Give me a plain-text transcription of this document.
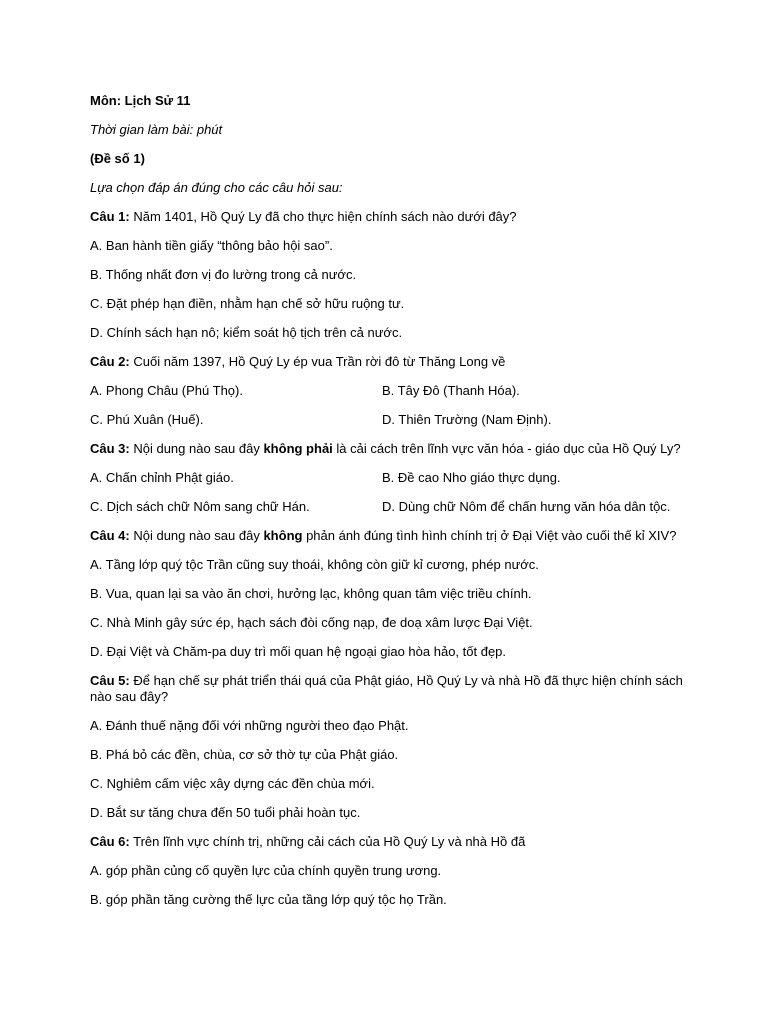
Môn: Lịch Sử 11
Thời gian làm bài: phút
(Đề số 1)
Lựa chọn đáp án đúng cho các câu hỏi sau:
Câu 1: Năm 1401, Hồ Quý Ly đã cho thực hiện chính sách nào dưới đây?
A. Ban hành tiền giấy “thông bảo hội sao”.
B. Thống nhất đơn vị đo lường trong cả nước.
C. Đặt phép hạn điền, nhằm hạn chế sở hữu ruộng tư.
D. Chính sách hạn nô; kiểm soát hộ tịch trên cả nước.
Câu 2: Cuối năm 1397, Hồ Quý Ly ép vua Trần rời đô từ Thăng Long về
A. Phong Châu (Phú Thọ).	B. Tây Đô (Thanh Hóa).
C. Phú Xuân (Huế).	D. Thiên Trường (Nam Định).
Câu 3: Nội dung nào sau đây không phải là cải cách trên lĩnh vực văn hóa - giáo dục của Hồ Quý Ly?
A. Chấn chỉnh Phật giáo.	B. Đề cao Nho giáo thực dụng.
C. Dịch sách chữ Nôm sang chữ Hán.	D. Dùng chữ Nôm để chấn hưng văn hóa dân tộc.
Câu 4: Nội dung nào sau đây không phản ánh đúng tình hình chính trị ở Đại Việt vào cuối thế kỉ XIV?
A. Tầng lớp quý tộc Trần cũng suy thoái, không còn giữ kỉ cương, phép nước.
B. Vua, quan lại sa vào ăn chơi, hưởng lạc, không quan tâm việc triều chính.
C. Nhà Minh gây sức ép, hạch sách đòi cống nạp, đe doạ xâm lược Đại Việt.
D. Đại Việt và Chăm-pa duy trì mối quan hệ ngoại giao hòa hảo, tốt đẹp.
Câu 5: Để hạn chế sự phát triển thái quá của Phật giáo, Hồ Quý Ly và nhà Hồ đã thực hiện chính sách nào sau đây?
A. Đánh thuế nặng đối với những người theo đạo Phật.
B. Phá bỏ các đền, chùa, cơ sở thờ tự của Phật giáo.
C. Nghiêm cấm việc xây dựng các đền chùa mới.
D. Bắt sư tăng chưa đến 50 tuổi phải hoàn tục.
Câu 6: Trên lĩnh vực chính trị, những cải cách của Hồ Quý Ly và nhà Hồ đã
A. góp phần củng cố quyền lực của chính quyền trung ương.
B. góp phần tăng cường thế lực của tầng lớp quý tộc họ Trần.
